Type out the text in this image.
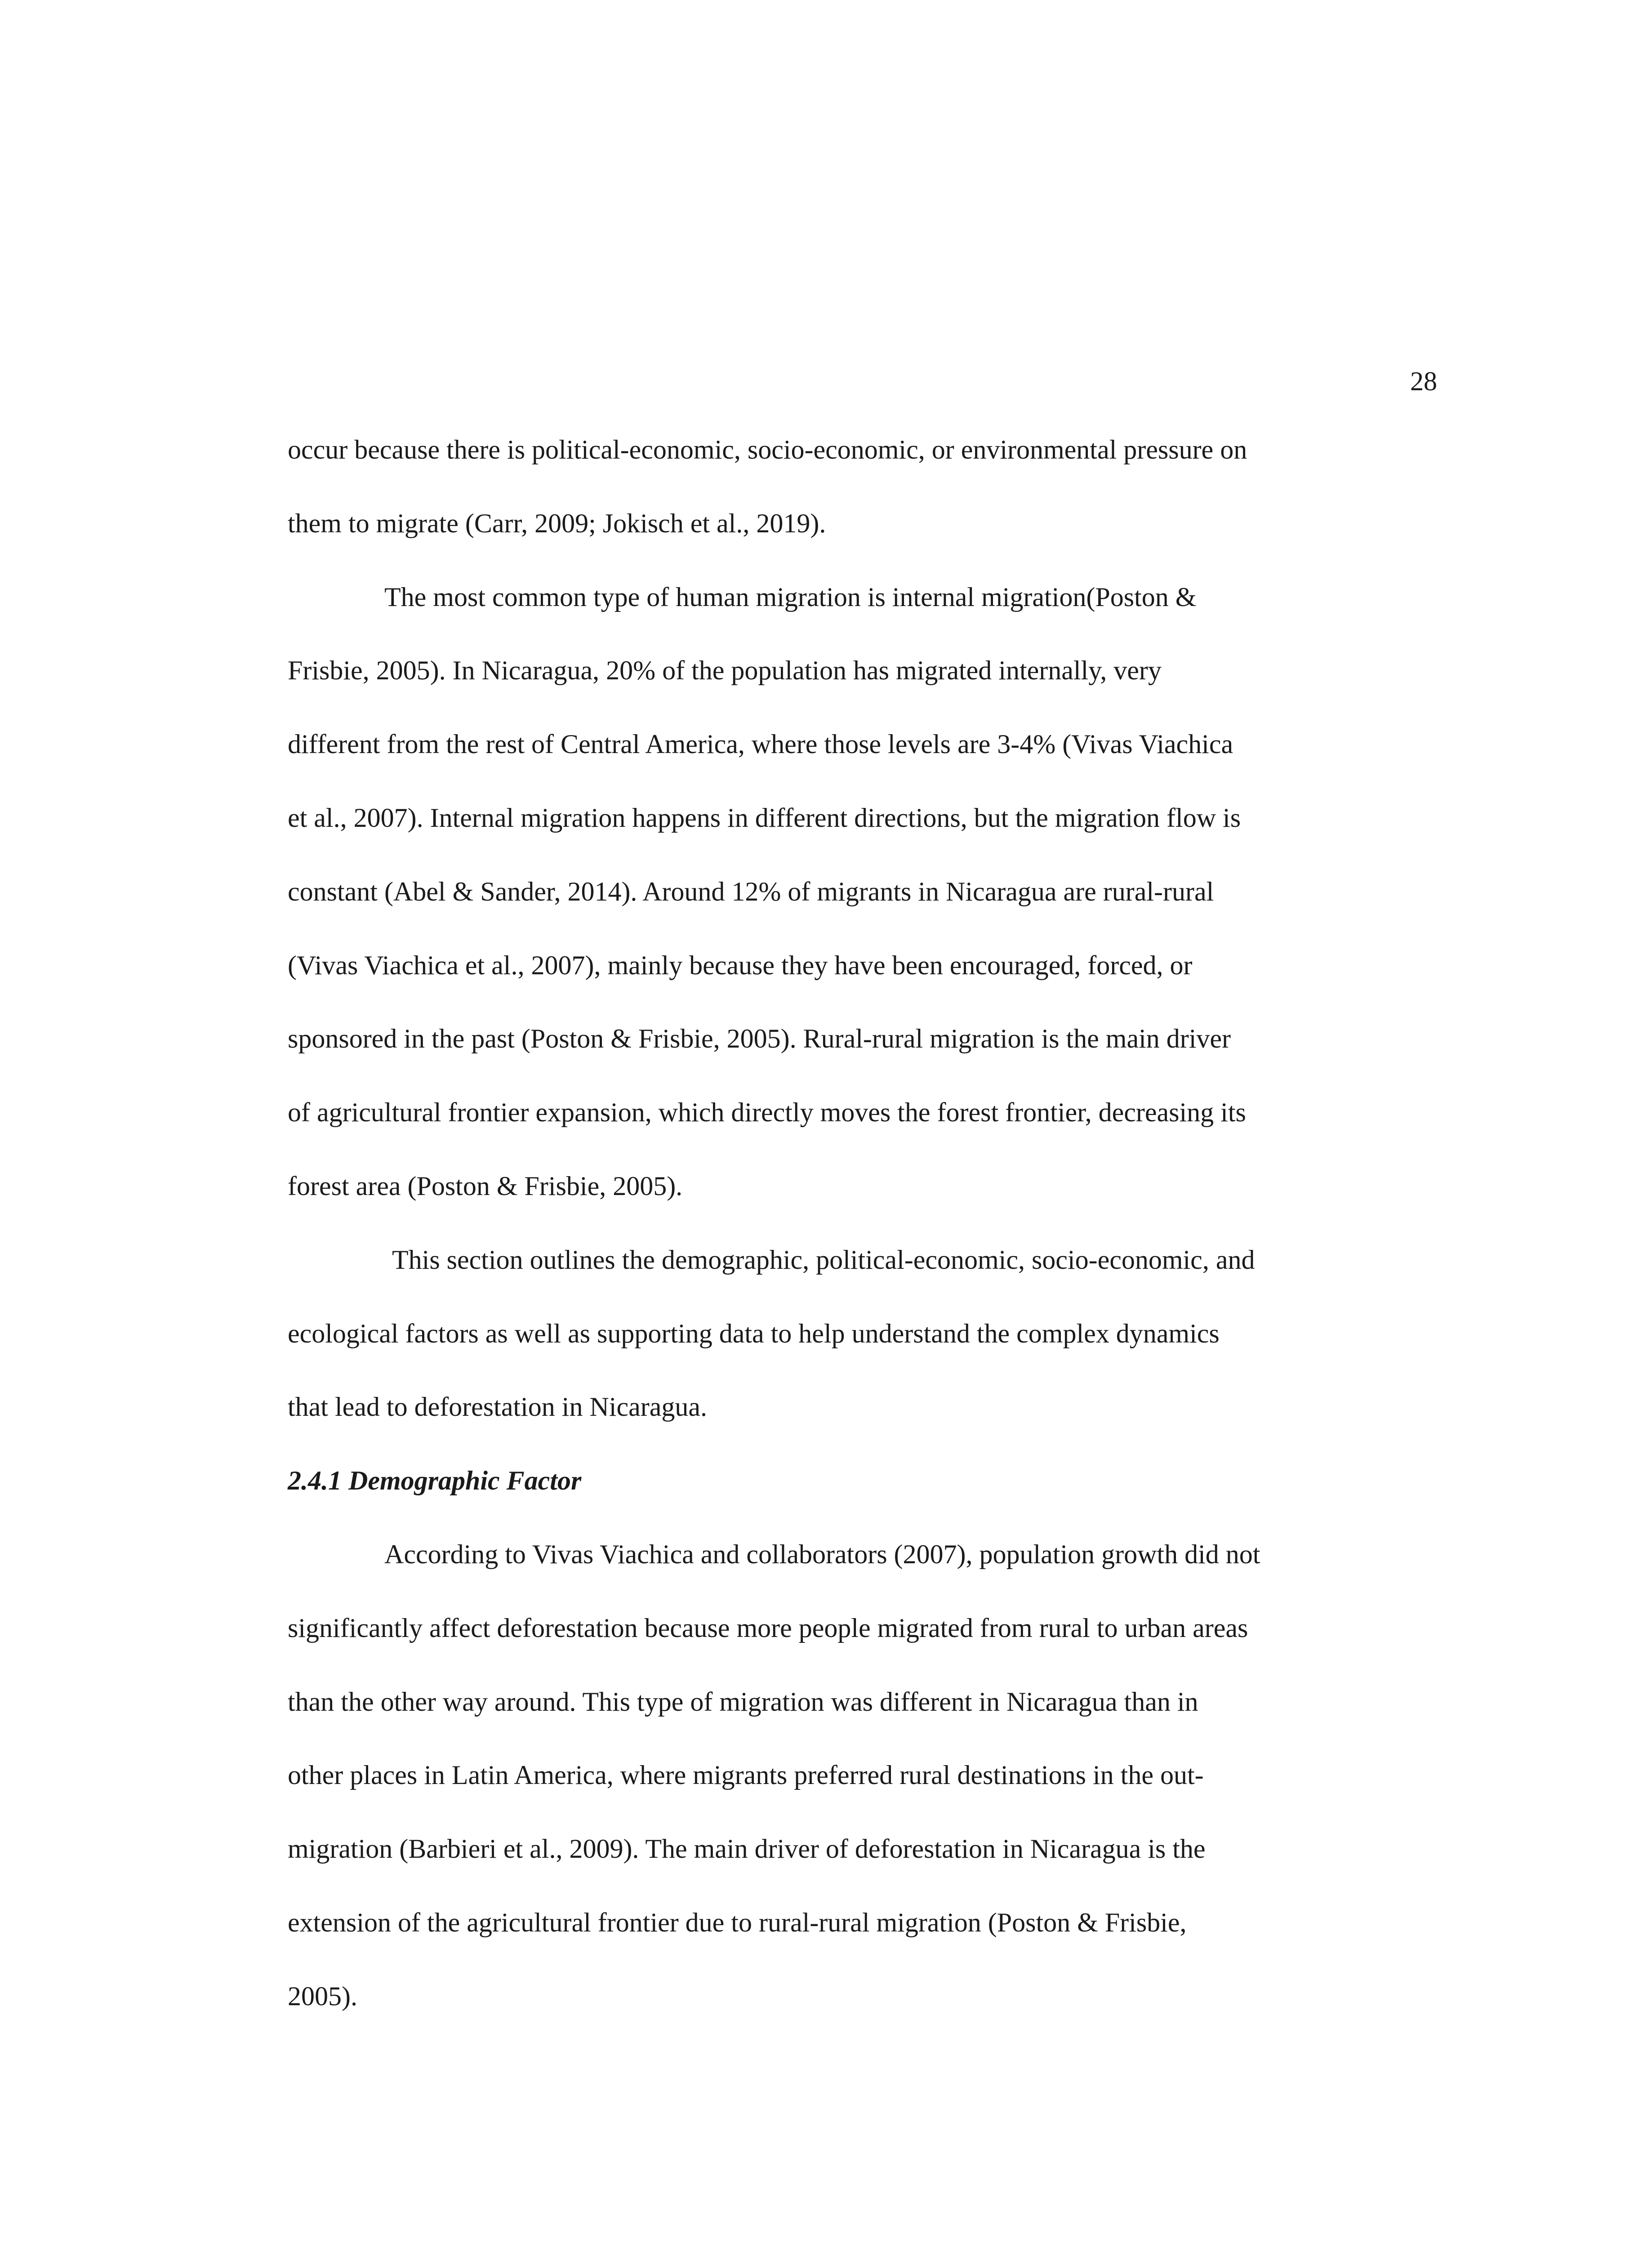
28
occur because there is political-economic, socio-economic, or environmental pressure on
them to migrate (Carr, 2009; Jokisch et al., 2019).
The most common type of human migration is internal migration(Poston &
Frisbie, 2005). In Nicaragua, 20% of the population has migrated internally, very
different from the rest of Central America, where those levels are 3-4% (Vivas Viachica
et al., 2007). Internal migration happens in different directions, but the migration flow is
constant (Abel & Sander, 2014). Around 12% of migrants in Nicaragua are rural-rural
(Vivas Viachica et al., 2007), mainly because they have been encouraged, forced, or
sponsored in the past (Poston & Frisbie, 2005). Rural-rural migration is the main driver
of agricultural frontier expansion, which directly moves the forest frontier, decreasing its
forest area (Poston & Frisbie, 2005).
This section outlines the demographic, political-economic, socio-economic, and
ecological factors as well as supporting data to help understand the complex dynamics
that lead to deforestation in Nicaragua.
2.4.1 Demographic Factor
According to Vivas Viachica and collaborators (2007), population growth did not
significantly affect deforestation because more people migrated from rural to urban areas
than the other way around. This type of migration was different in Nicaragua than in
other places in Latin America, where migrants preferred rural destinations in the out-
migration (Barbieri et al., 2009). The main driver of deforestation in Nicaragua is the
extension of the agricultural frontier due to rural-rural migration (Poston & Frisbie,
2005).
